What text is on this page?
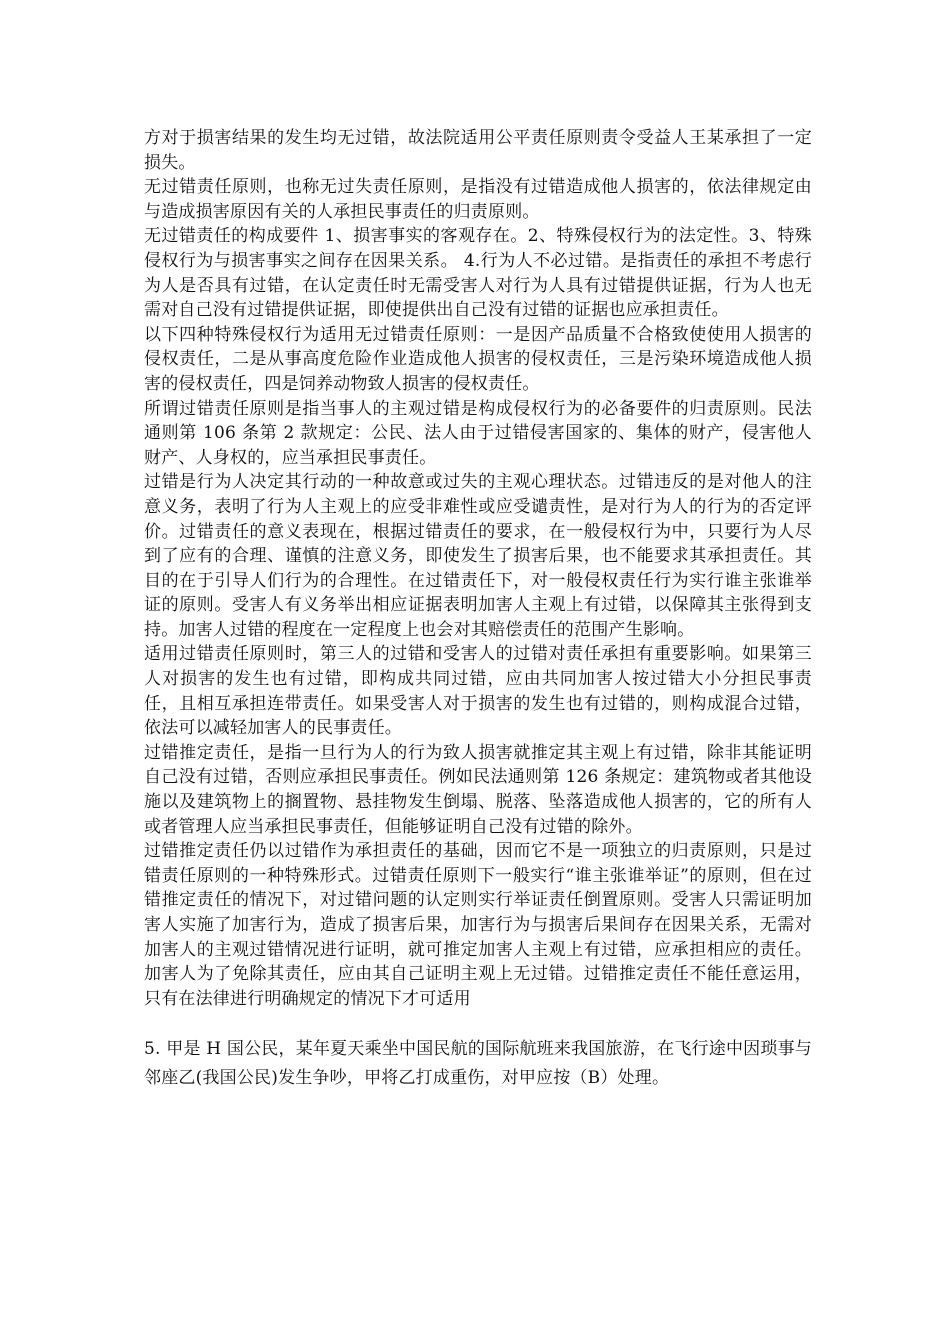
方对于损害结果的发生均无过错，故法院适用公平责任原则责令受益人王某承担了一定损失。

无过错责任原则，也称无过失责任原则，是指没有过错造成他人损害的，依法律规定由与造成损害原因有关的人承担民事责任的归责原则。

无过错责任的构成要件 1、损害事实的客观存在。2、特殊侵权行为的法定性。3、特殊侵权行为与损害事实之间存在因果关系。 4.行为人不必过错。是指责任的承担不考虑行为人是否具有过错，在认定责任时无需受害人对行为人具有过错提供证据，行为人也无需对自己没有过错提供证据，即使提供出自己没有过错的证据也应承担责任。

以下四种特殊侵权行为适用无过错责任原则：一是因产品质量不合格致使使用人损害的侵权责任，二是从事高度危险作业造成他人损害的侵权责任，三是污染环境造成他人损害的侵权责任，四是饲养动物致人损害的侵权责任。

所谓过错责任原则是指当事人的主观过错是构成侵权行为的必备要件的归责原则。民法通则第 106 条第 2 款规定：公民、法人由于过错侵害国家的、集体的财产，侵害他人财产、人身权的，应当承担民事责任。

过错是行为人决定其行动的一种故意或过失的主观心理状态。过错违反的是对他人的注意义务，表明了行为人主观上的应受非难性或应受谴责性，是对行为人的行为的否定评价。过错责任的意义表现在，根据过错责任的要求，在一般侵权行为中，只要行为人尽到了应有的合理、谨慎的注意义务，即使发生了损害后果，也不能要求其承担责任。其目的在于引导人们行为的合理性。在过错责任下，对一般侵权责任行为实行谁主张谁举证的原则。受害人有义务举出相应证据表明加害人主观上有过错，以保障其主张得到支持。加害人过错的程度在一定程度上也会对其赔偿责任的范围产生影响。

适用过错责任原则时，第三人的过错和受害人的过错对责任承担有重要影响。如果第三人对损害的发生也有过错，即构成共同过错，应由共同加害人按过错大小分担民事责任，且相互承担连带责任。如果受害人对于损害的发生也有过错的，则构成混合过错，依法可以减轻加害人的民事责任。

过错推定责任，是指一旦行为人的行为致人损害就推定其主观上有过错，除非其能证明自己没有过错，否则应承担民事责任。例如民法通则第 126 条规定：建筑物或者其他设施以及建筑物上的搁置物、悬挂物发生倒塌、脱落、坠落造成他人损害的，它的所有人或者管理人应当承担民事责任，但能够证明自己没有过错的除外。

过错推定责任仍以过错作为承担责任的基础，因而它不是一项独立的归责原则，只是过错责任原则的一种特殊形式。过错责任原则下一般实行“谁主张谁举证”的原则，但在过错推定责任的情况下，对过错问题的认定则实行举证责任倒置原则。受害人只需证明加害人实施了加害行为，造成了损害后果，加害行为与损害后果间存在因果关系，无需对加害人的主观过错情况进行证明，就可推定加害人主观上有过错，应承担相应的责任。加害人为了免除其责任，应由其自己证明主观上无过错。过错推定责任不能任意运用，只有在法律进行明确规定的情况下才可适用

5. 甲是 H 国公民，某年夏天乘坐中国民航的国际航班来我国旅游，在飞行途中因琐事与邻座乙(我国公民)发生争吵，甲将乙打成重伤，对甲应按（B）处理。
